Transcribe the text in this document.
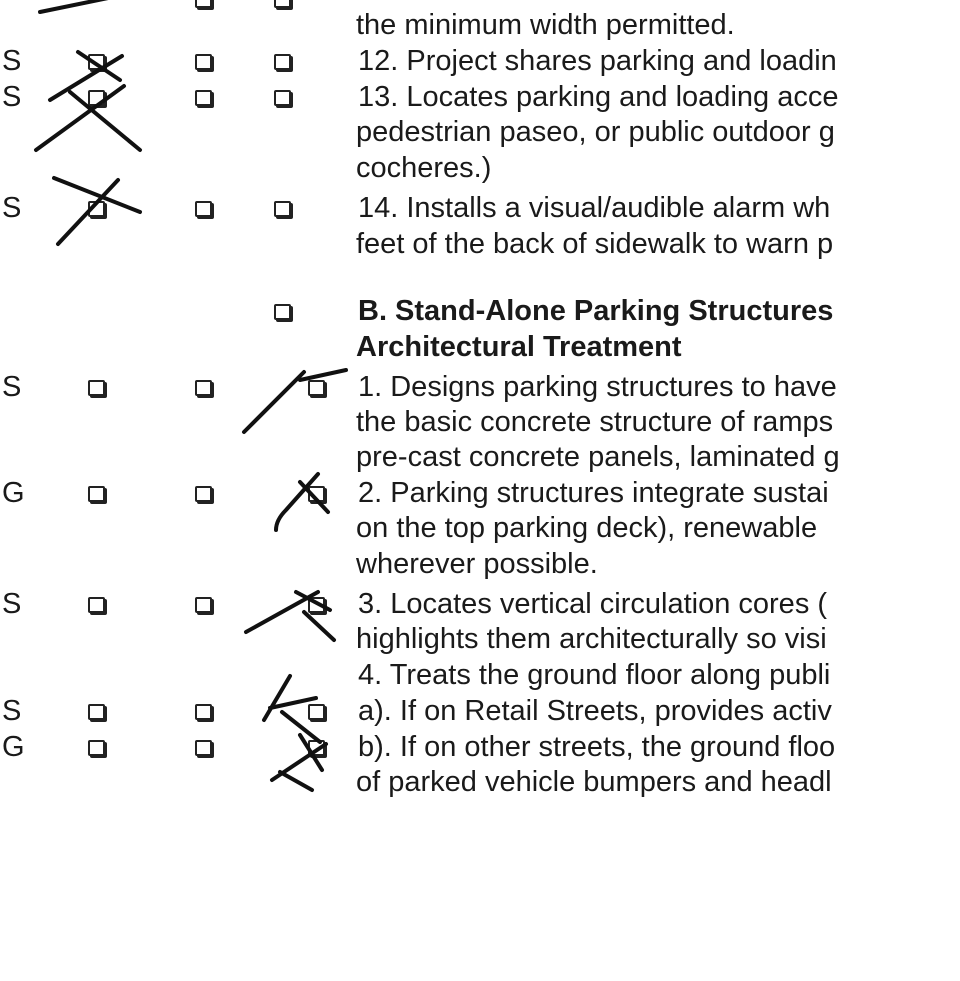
the minimum width permitted.
S	12. Project shares parking and loadin
S	13. Locates parking and loading acce
pedestrian paseo, or public outdoor g
cocheres.)
S	14. Installs a visual/audible alarm wh
feet of the back of sidewalk to warn p
B. Stand-Alone Parking Structures
Architectural Treatment
S	1. Designs parking structures to have
the basic concrete structure of ramps
pre-cast concrete panels, laminated g
G	2. Parking structures integrate sustai
on the top parking deck), renewable
wherever possible.
S	3. Locates vertical circulation cores (
highlights them architecturally so visi
4. Treats the ground floor along publi
S	a). If on Retail Streets, provides activ
G	b). If on other streets, the ground floo
of parked vehicle bumpers and headl
